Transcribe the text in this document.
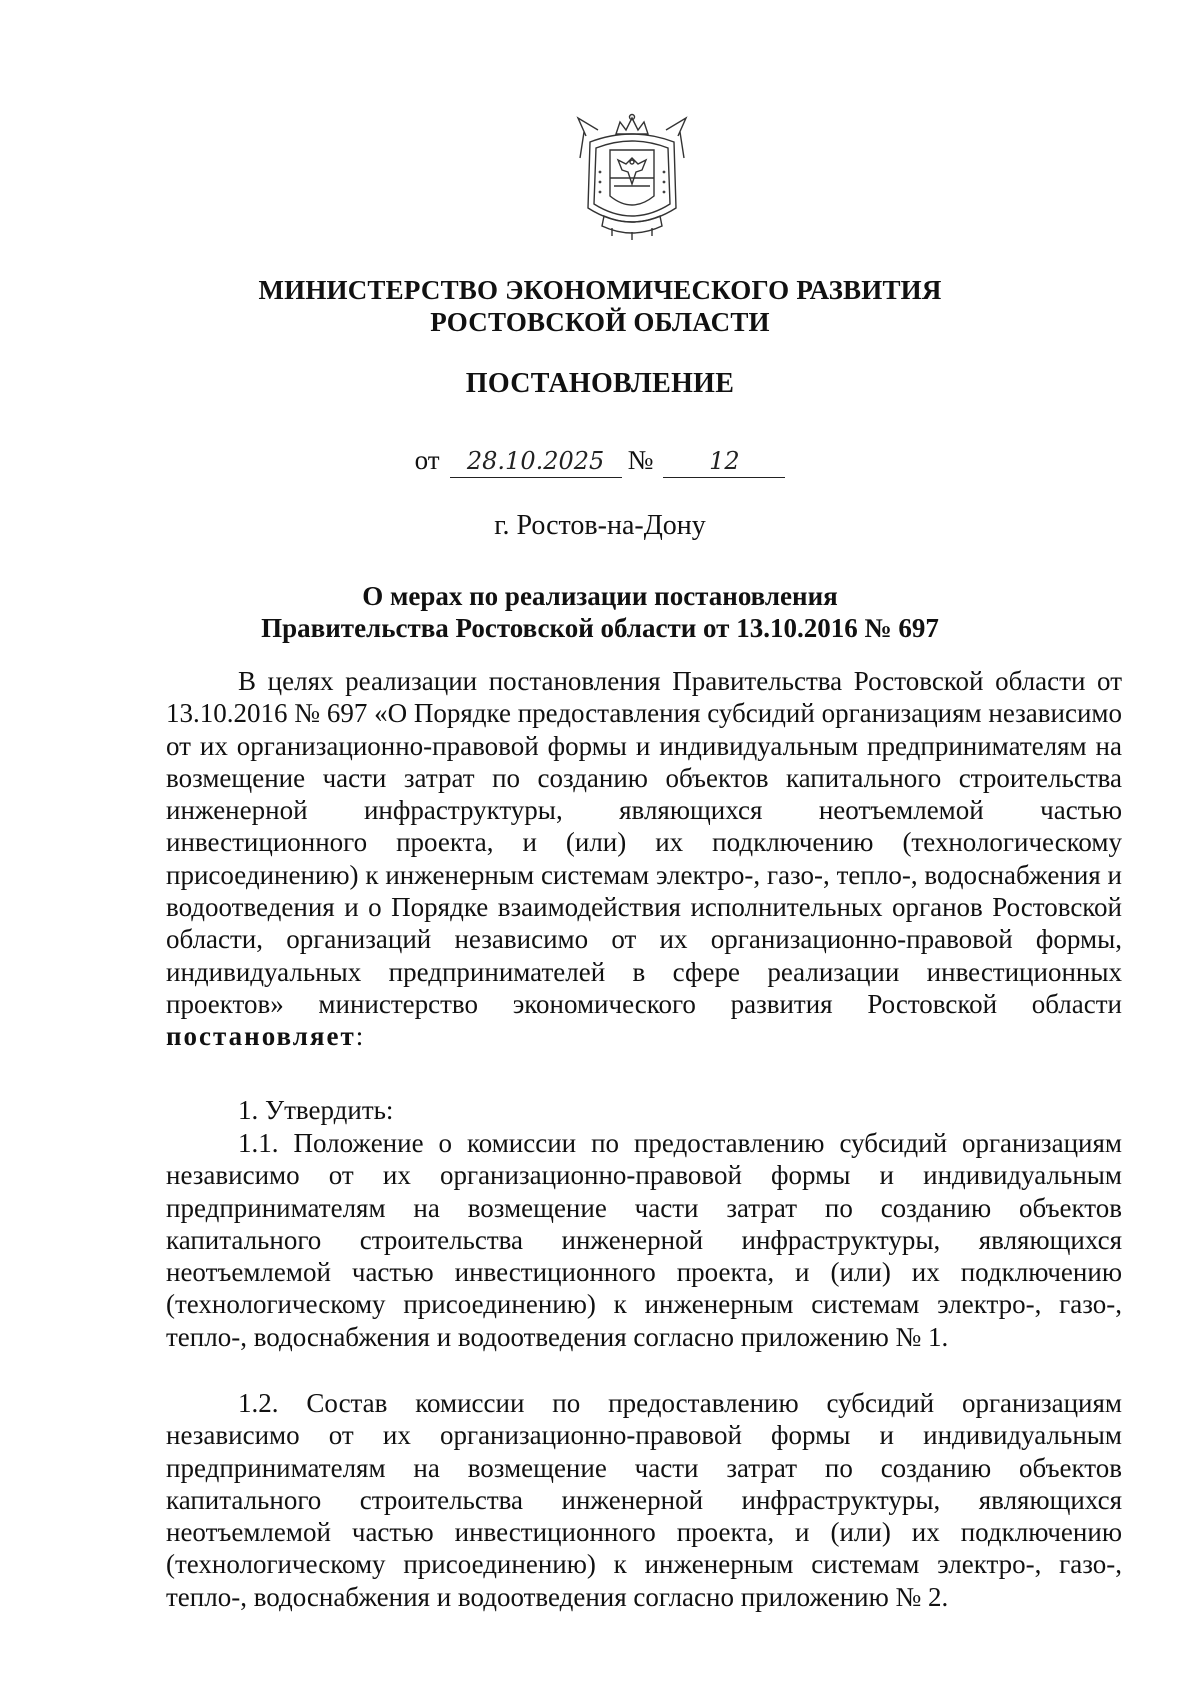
МИНИСТЕРСТВО ЭКОНОМИЧЕСКОГО РАЗВИТИЯ
РОСТОВСКОЙ ОБЛАСТИ
ПОСТАНОВЛЕНИЕ
от 28.10.2025 № 12
г. Ростов-на-Дону
О мерах по реализации постановления
Правительства Ростовской области от 13.10.2016 № 697

В целях реализации постановления Правительства Ростовской области от 13.10.2016 № 697 «О Порядке предоставления субсидий организациям независимо от их организационно-правовой формы и индивидуальным предпринимателям на возмещение части затрат по созданию объектов капитального строительства инженерной инфраструктуры, являющихся неотъемлемой частью инвестиционного проекта, и (или) их подключению (технологическому присоединению) к инженерным системам электро-, газо-, тепло-, водоснабжения и водоотведения и о Порядке взаимодействия исполнительных органов Ростовской области, организаций независимо от их организационно-правовой формы, индивидуальных предпринимателей в сфере реализации инвестиционных проектов» министерство экономического развития Ростовской области постановляет:

1. Утвердить:

1.1. Положение о комиссии по предоставлению субсидий организациям независимо от их организационно-правовой формы и индивидуальным предпринимателям на возмещение части затрат по созданию объектов капитального строительства инженерной инфраструктуры, являющихся неотъемлемой частью инвестиционного проекта, и (или) их подключению (технологическому присоединению) к инженерным системам электро-, газо-, тепло-, водоснабжения и водоотведения согласно приложению № 1.

1.2. Состав комиссии по предоставлению субсидий организациям независимо от их организационно-правовой формы и индивидуальным предпринимателям на возмещение части затрат по созданию объектов капитального строительства инженерной инфраструктуры, являющихся неотъемлемой частью инвестиционного проекта, и (или) их подключению (технологическому присоединению) к инженерным системам электро-, газо-, тепло-, водоснабжения и водоотведения согласно приложению № 2.
